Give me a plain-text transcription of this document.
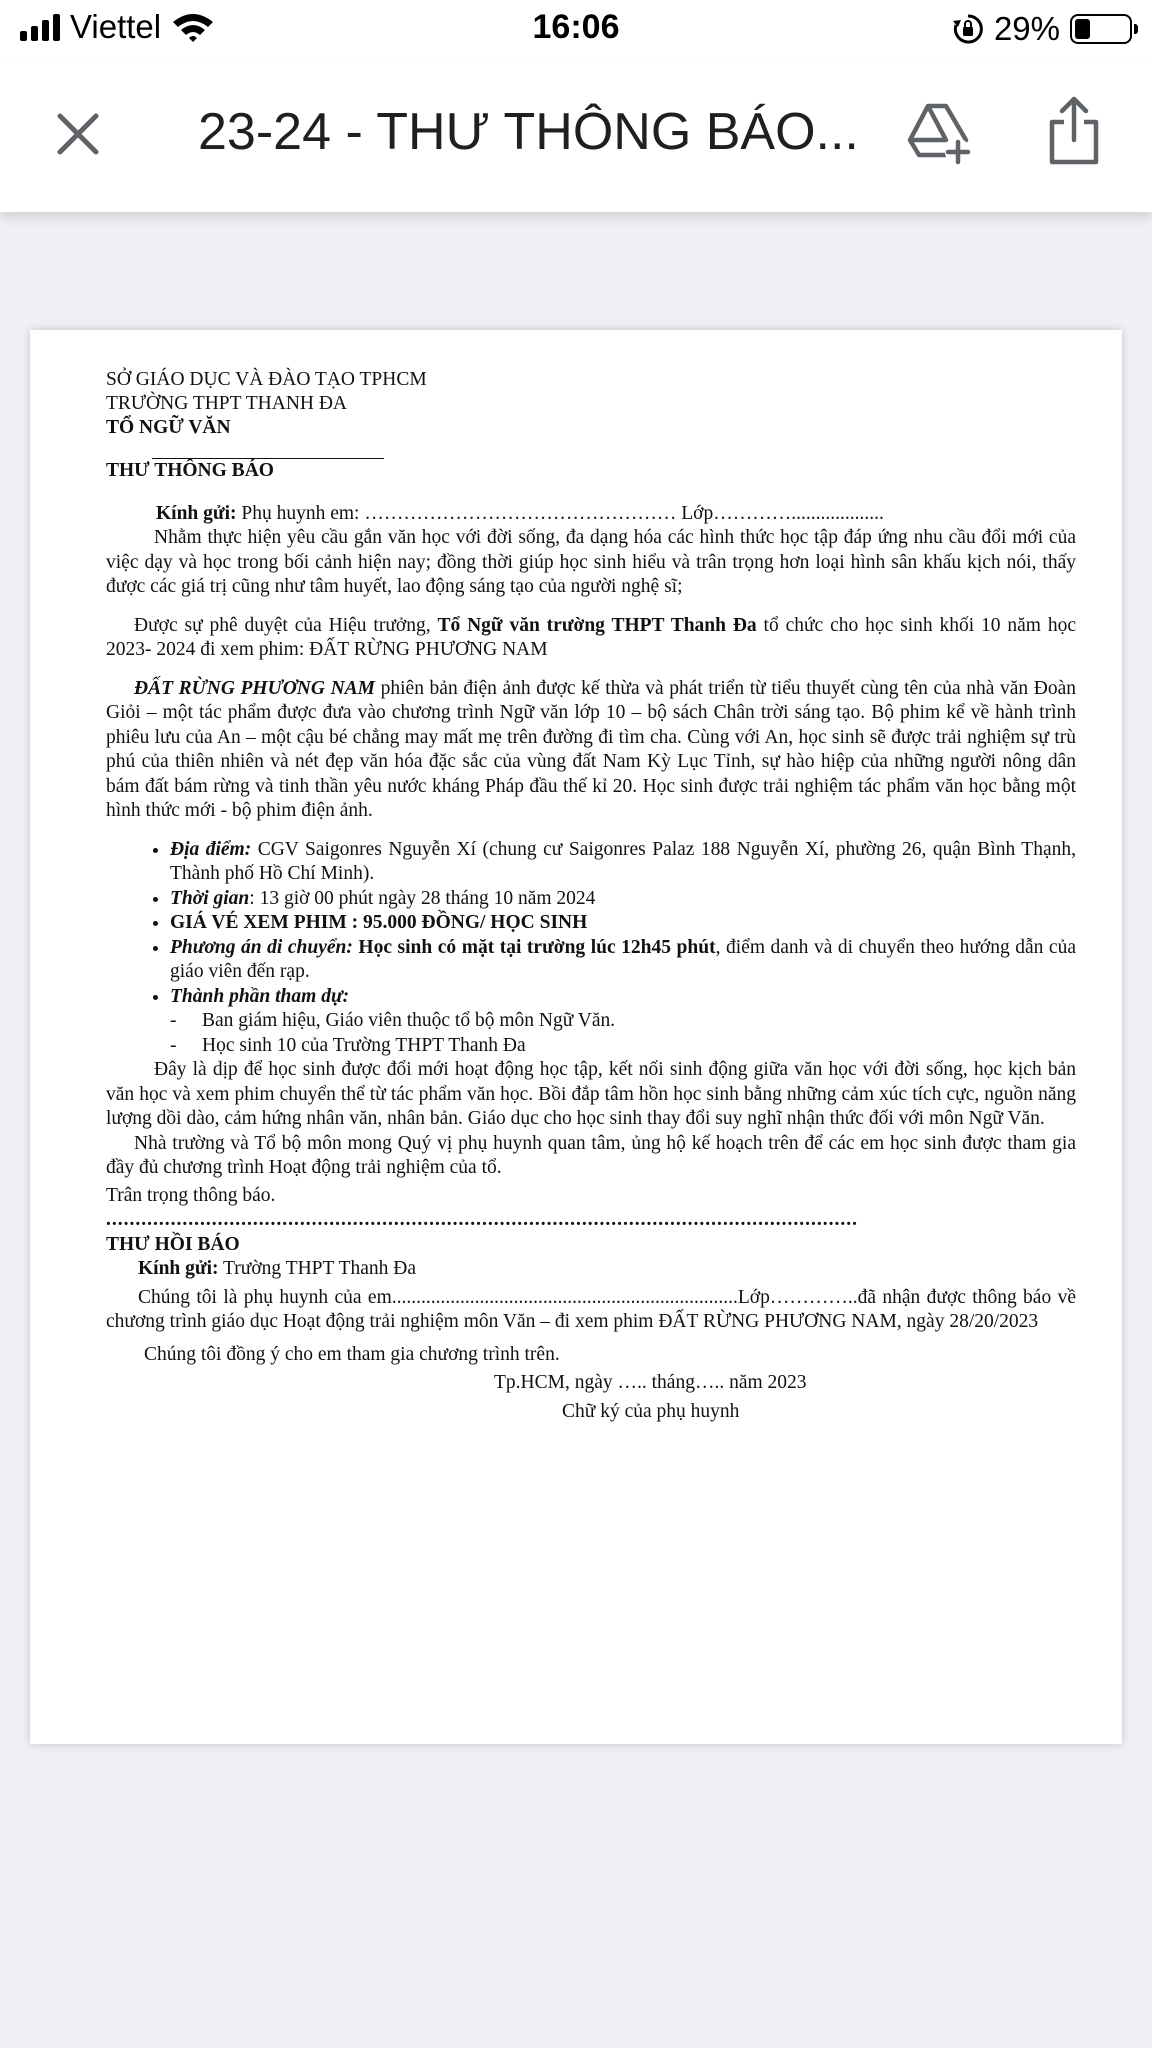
Viettel	16:06	29%
23-24 - THƯ THÔNG BÁO...

SỞ GIÁO DỤC VÀ ĐÀO TẠO TPHCM

TRƯỜNG THPT THANH ĐA

TỔ NGỮ VĂN

THƯ THÔNG BÁO

Kính gửi: Phụ huynh em: ………………………………………… Lớp…………...................

Nhằm thực hiện yêu cầu gắn văn học với đời sống, đa dạng hóa các hình thức học tập đáp ứng nhu cầu đổi mới của việc dạy và học trong bối cảnh hiện nay; đồng thời giúp học sinh hiểu và trân trọng hơn loại hình sân khấu kịch nói, thấy được các giá trị cũng như tâm huyết, lao động sáng tạo của người nghệ sĩ;

Được sự phê duyệt của Hiệu trưởng, Tổ Ngữ văn trường THPT Thanh Đa tổ chức cho học sinh khối 10 năm học 2023- 2024 đi xem phim: ĐẤT RỪNG PHƯƠNG NAM

ĐẤT RỪNG PHƯƠNG NAM phiên bản điện ảnh được kế thừa và phát triển từ tiểu thuyết cùng tên của nhà văn Đoàn Giỏi – một tác phẩm được đưa vào chương trình Ngữ văn lớp 10 – bộ sách Chân trời sáng tạo. Bộ phim kể về hành trình phiêu lưu của An – một cậu bé chẳng may mất mẹ trên đường đi tìm cha. Cùng với An, học sinh sẽ được trải nghiệm sự trù phú của thiên nhiên và nét đẹp văn hóa đặc sắc của vùng đất Nam Kỳ Lục Tỉnh, sự hào hiệp của những người nông dân bám đất bám rừng và tinh thần yêu nước kháng Pháp đầu thế kỉ 20. Học sinh được trải nghiệm tác phẩm văn học bằng một hình thức mới - bộ phim điện ảnh.

• Địa điểm: CGV Saigonres Nguyễn Xí (chung cư Saigonres Palaz 188 Nguyễn Xí, phường 26, quận Bình Thạnh, Thành phố Hồ Chí Minh).
• Thời gian: 13 giờ 00 phút ngày 28 tháng 10 năm 2024
• GIÁ VÉ XEM PHIM : 95.000 ĐỒNG/ HỌC SINH
• Phương án di chuyển: Học sinh có mặt tại trường lúc 12h45 phút, điểm danh và di chuyển theo hướng dẫn của giáo viên đến rạp.
• Thành phần tham dự:

- Ban giám hiệu, Giáo viên thuộc tổ bộ môn Ngữ Văn.

- Học sinh 10 của Trường THPT Thanh Đa

Đây là dịp để học sinh được đổi mới hoạt động học tập, kết nối sinh động giữa văn học với đời sống, học kịch bản văn học và xem phim chuyển thể từ tác phẩm văn học. Bồi đắp tâm hồn học sinh bằng những cảm xúc tích cực, nguồn năng lượng dồi dào, cảm hứng nhân văn, nhân bản. Giáo dục cho học sinh thay đổi suy nghĩ nhận thức đối với môn Ngữ Văn.

Nhà trường và Tổ bộ môn mong Quý vị phụ huynh quan tâm, ủng hộ kế hoạch trên để các em học sinh được tham gia đầy đủ chương trình Hoạt động trải nghiệm của tổ.

Trân trọng thông báo.

................................................................................................................................

THƯ HỒI BÁO

Kính gửi: Trường THPT Thanh Đa

Chúng tôi là phụ huynh của em.......................................................................Lớp…………..đã nhận được thông báo về chương trình giáo dục Hoạt động trải nghiệm môn Văn – đi xem phim ĐẤT RỪNG PHƯƠNG NAM, ngày 28/20/2023

Chúng tôi đồng ý cho em tham gia chương trình trên.

Tp.HCM, ngày ….. tháng….. năm 2023

Chữ ký của phụ huynh
